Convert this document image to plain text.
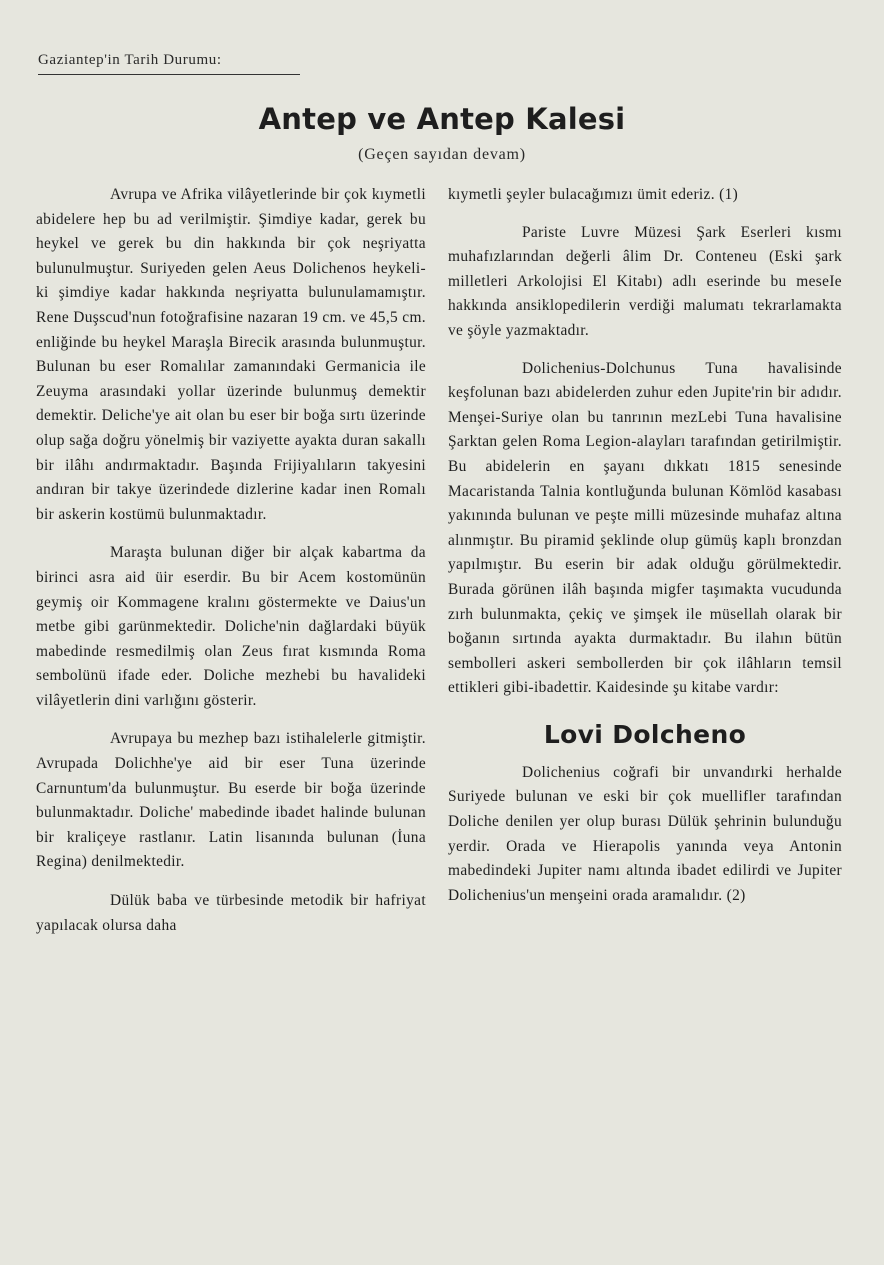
Gaziantep'in Tarih Durumu:
Antep ve Antep Kalesi
(Geçen sayıdan devam)

Avrupa ve Afrika vilâyetlerinde bir çok kıymetli abidelere hep bu ad verilmiştir. Şimdiye kadar, gerek bu heykel ve gerek bu din hakkında bir çok neşriyatta bulunulmuştur. Suriyeden gelen Aeus Dolichenos heykeli-ki şimdiye kadar hakkında neşriyatta bulunulamamıştır. Rene Duşscud'nun fotoğrafisine nazaran 19 cm. ve 45,5 cm. enliğinde bu heykel Maraşla Birecik arasında bulunmuştur. Bulunan bu eser Romalılar zamanındaki Germanicia ile Zeuyma arasındaki yollar üzerinde bulunmuş demektir demektir. Deliche'ye ait olan bu eser bir boğa sırtı üzerinde olup sağa doğru yönelmiş bir vaziyette ayakta duran sakallı bir ilâhı andırmaktadır. Başında Frijiyalıların takyesini andıran bir takye üzerindede dizlerine kadar inen Romalı bir askerin kostümü bulunmaktadır.

Maraşta bulunan diğer bir alçak kabartma da birinci asra aid üir eserdir. Bu bir Acem kostomünün geymiş oir Kommagene kralını göstermekte ve Daius'un metbe gibi garünmektedir. Doliche'nin dağlardaki büyük mabedinde resmedilmiş olan Zeus fırat kısmında Roma sembolünü ifade eder. Doliche mezhebi bu havalideki vilâyetlerin dini varlığını gösterir.

Avrupaya bu mezhep bazı istihalelerle gitmiştir. Avrupada Dolichhe'ye aid bir eser Tuna üzerinde Carnuntum'da bulunmuştur. Bu eserde bir boğa üzerinde bulunmaktadır. Doliche' mabedinde ibadet halinde bulunan bir kraliçeye rastlanır. Latin lisanında bulunan (İuna Regina) denilmektedir.

Dülük baba ve türbesinde metodik bir hafriyat yapılacak olursa daha

kıymetli şeyler bulacağımızı ümit ederiz. (1)

Pariste Luvre Müzesi Şark Eserleri kısmı muhafızlarından değerli âlim Dr. Conteneu (Eski şark milletleri Arkolojisi El Kitabı) adlı eserinde bu meseIe hakkında ansiklopedilerin verdiği malumatı tekrarlamakta ve şöyle yazmaktadır.

Dolichenius-Dolchunus Tuna havalisinde keşfolunan bazı abidelerden zuhur eden Jupite'rin bir adıdır. Menşei-Suriye olan bu tanrının mezLebi Tuna havalisine Şarktan gelen Roma Legion-alayları tarafından getirilmiştir. Bu abidelerin en şayanı dıkkatı 1815 senesinde Macaristanda Talnia kontluğunda bulunan Kömlöd kasabası yakınında bulunan ve peşte milli müzesinde muhafaz altına alınmıştır. Bu piramid şeklinde olup gümüş kaplı bronzdan yapılmıştır. Bu eserin bir adak olduğu görülmektedir. Burada görünen ilâh başında migfer taşımakta vucudunda zırh bulunmakta, çekiç ve şimşek ile müsellah olarak bir boğanın sırtında ayakta durmaktadır. Bu ilahın bütün sembolleri askeri sembollerden bir çok ilâhların temsil ettikleri gibi-ibadettir. Kaidesinde şu kitabe vardır:

Lovi Dolcheno

Dolichenius coğrafi bir unvandırki herhalde Suriyede bulunan ve eski bir çok muellifler tarafından Doliche denilen yer olup burası Dülük şehrinin bulunduğu yerdir. Orada ve Hierapolis yanında veya Antonin mabedindeki Jupiter namı altında ibadet edilirdi ve Jupiter Dolichenius'un menşeini orada aramalıdır. (2)
